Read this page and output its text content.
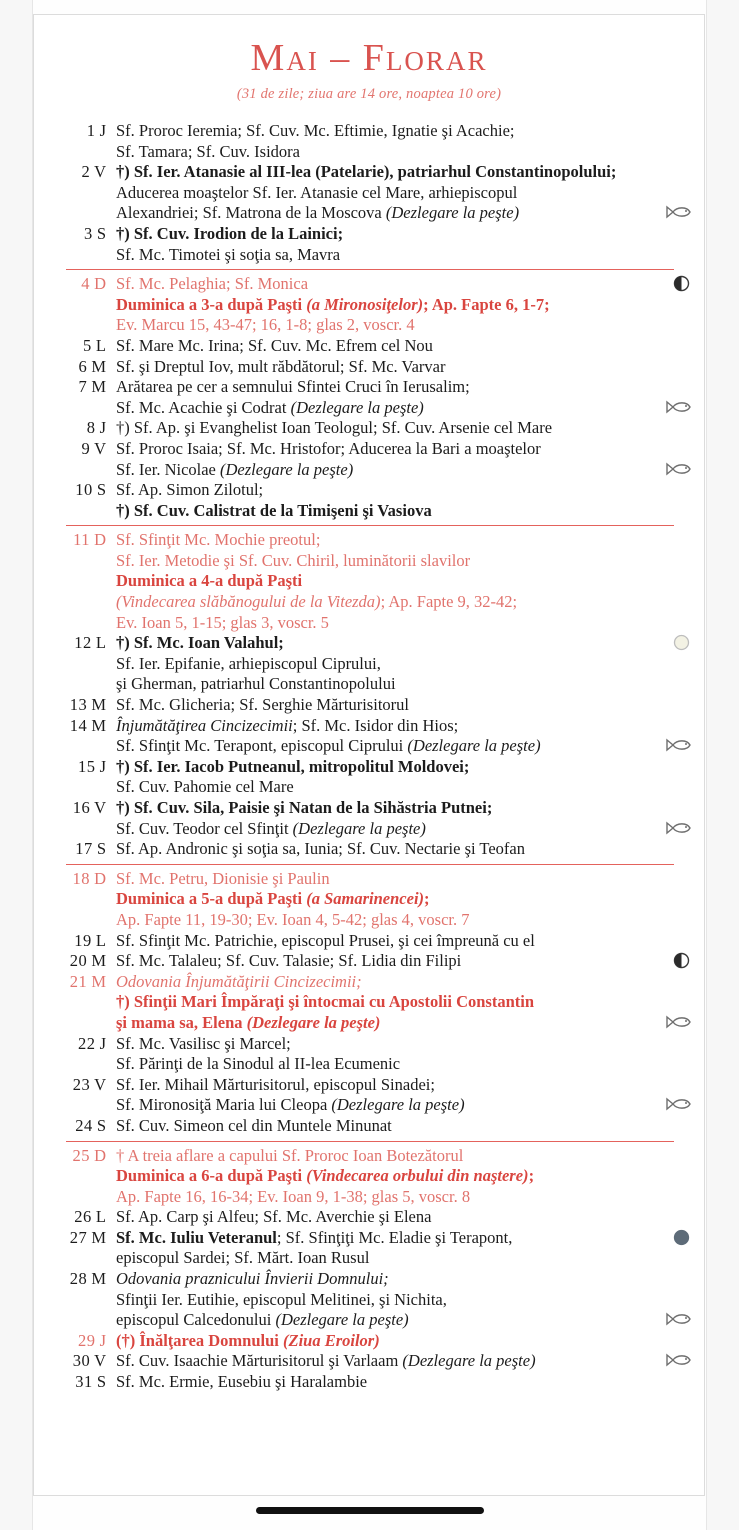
Mai – Florar
(31 de zile; ziua are 14 ore, noaptea 10 ore)
1 J Sf. Proroc Ieremia; Sf. Cuv. Mc. Eftimie, Ignatie şi Acachie;
Sf. Tamara; Sf. Cuv. Isidora
2 V †) Sf. Ier. Atanasie al III-lea (Patelarie), patriarhul Constantinopolului;
Aducerea moaştelor Sf. Ier. Atanasie cel Mare, arhiepiscopul
Alexandriei; Sf. Matrona de la Moscova (Dezlegare la peşte)
3 S †) Sf. Cuv. Irodion de la Lainici;
Sf. Mc. Timotei şi soţia sa, Mavra
4 D Sf. Mc. Pelaghia; Sf. Monica
Duminica a 3-a după Paşti (a Mironosiţelor); Ap. Fapte 6, 1-7;
Ev. Marcu 15, 43-47; 16, 1-8; glas 2, voscr. 4
5 L Sf. Mare Mc. Irina; Sf. Cuv. Mc. Efrem cel Nou
6 M Sf. şi Dreptul Iov, mult răbdătorul; Sf. Mc. Varvar
7 M Arătarea pe cer a semnului Sfintei Cruci în Ierusalim;
Sf. Mc. Acachie şi Codrat (Dezlegare la peşte)
8 J †) Sf. Ap. şi Evanghelist Ioan Teologul; Sf. Cuv. Arsenie cel Mare
9 V Sf. Proroc Isaia; Sf. Mc. Hristofor; Aducerea la Bari a moaştelor
Sf. Ier. Nicolae (Dezlegare la peşte)
10 S Sf. Ap. Simon Zilotul;
†) Sf. Cuv. Calistrat de la Timişeni şi Vasiova
11 D Sf. Sfinţit Mc. Mochie preotul;
Sf. Ier. Metodie şi Sf. Cuv. Chiril, luminătorii slavilor
Duminica a 4-a după Paşti
(Vindecarea slăbănogului de la Vitezda); Ap. Fapte 9, 32-42;
Ev. Ioan 5, 1-15; glas 3, voscr. 5
12 L †) Sf. Mc. Ioan Valahul;
Sf. Ier. Epifanie, arhiepiscopul Ciprului,
şi Gherman, patriarhul Constantinopolului
13 M Sf. Mc. Glicheria; Sf. Serghie Mărturisitorul
14 M Înjumătăţirea Cincizecimii; Sf. Mc. Isidor din Hios;
Sf. Sfinţit Mc. Terapont, episcopul Ciprului (Dezlegare la peşte)
15 J †) Sf. Ier. Iacob Putneanul, mitropolitul Moldovei;
Sf. Cuv. Pahomie cel Mare
16 V †) Sf. Cuv. Sila, Paisie şi Natan de la Sihăstria Putnei;
Sf. Cuv. Teodor cel Sfinţit (Dezlegare la peşte)
17 S Sf. Ap. Andronic şi soţia sa, Iunia; Sf. Cuv. Nectarie şi Teofan
18 D Sf. Mc. Petru, Dionisie şi Paulin
Duminica a 5-a după Paşti (a Samarinencei);
Ap. Fapte 11, 19-30; Ev. Ioan 4, 5-42; glas 4, voscr. 7
19 L Sf. Sfinţit Mc. Patrichie, episcopul Prusei, şi cei împreună cu el
20 M Sf. Mc. Talaleu; Sf. Cuv. Talasie; Sf. Lidia din Filipi
21 M Odovania Înjumătăţirii Cincizecimii;
†) Sfinţii Mari Împăraţi şi întocmai cu Apostolii Constantin
şi mama sa, Elena (Dezlegare la peşte)
22 J Sf. Mc. Vasilisc şi Marcel;
Sf. Părinţi de la Sinodul al II-lea Ecumenic
23 V Sf. Ier. Mihail Mărturisitorul, episcopul Sinadei;
Sf. Mironosiţă Maria lui Cleopa (Dezlegare la peşte)
24 S Sf. Cuv. Simeon cel din Muntele Minunat
25 D † A treia aflare a capului Sf. Proroc Ioan Botezătorul
Duminica a 6-a după Paşti (Vindecarea orbului din naştere);
Ap. Fapte 16, 16-34; Ev. Ioan 9, 1-38; glas 5, voscr. 8
26 L Sf. Ap. Carp şi Alfeu; Sf. Mc. Averchie şi Elena
27 M Sf. Mc. Iuliu Veteranul; Sf. Sfinţiţi Mc. Eladie şi Terapont,
episcopul Sardei; Sf. Mărt. Ioan Rusul
28 M Odovania praznicului Învierii Domnului;
Sfinţii Ier. Eutihie, episcopul Melitinei, şi Nichita,
episcopul Calcedonului (Dezlegare la peşte)
29 J (†) Înălţarea Domnului (Ziua Eroilor)
30 V Sf. Cuv. Isaachie Mărturisitorul şi Varlaam (Dezlegare la peşte)
31 S Sf. Mc. Ermie, Eusebiu şi Haralambie
